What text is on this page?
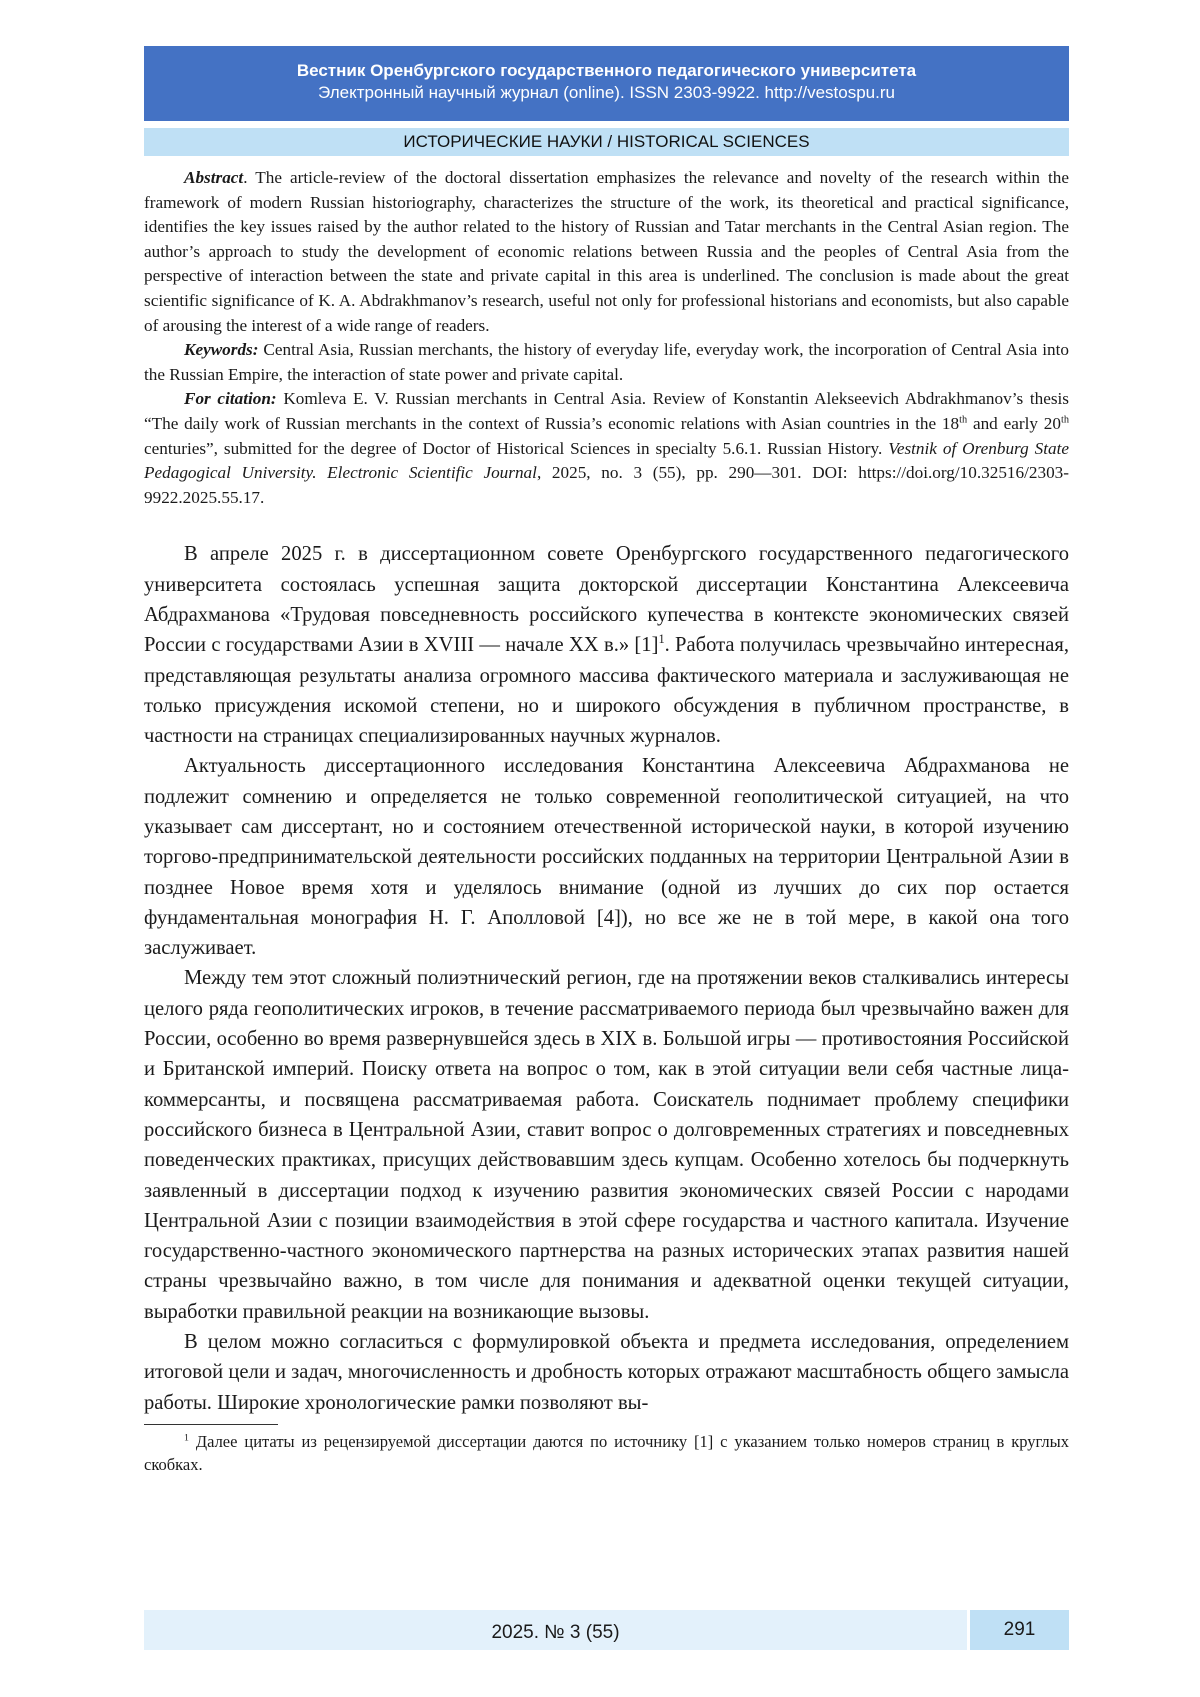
Вестник Оренбургского государственного педагогического университета
Электронный научный журнал (online). ISSN 2303-9922. http://vestospu.ru
ИСТОРИЧЕСКИЕ НАУКИ / HISTORICAL SCIENCES

Abstract. The article-review of the doctoral dissertation emphasizes the relevance and novelty of the research within the framework of modern Russian historiography, characterizes the structure of the work, its theoretical and practical significance, identifies the key issues raised by the author related to the history of Russian and Tatar merchants in the Central Asian region. The author’s approach to study the development of economic relations between Russia and the peoples of Central Asia from the perspective of interaction between the state and private capital in this area is underlined. The conclusion is made about the great scientific significance of K. A. Abdrakhmanov’s research, useful not only for professional historians and economists, but also capable of arousing the interest of a wide range of readers.

Keywords: Central Asia, Russian merchants, the history of everyday life, everyday work, the incorporation of Central Asia into the Russian Empire, the interaction of state power and private capital.

For citation: Komleva E. V. Russian merchants in Central Asia. Review of Konstantin Alekseevich Abdrakhmanov’s thesis “The daily work of Russian merchants in the context of Russia’s economic relations with Asian countries in the 18th and early 20th centuries”, submitted for the degree of Doctor of Historical Sciences in specialty 5.6.1. Russian History. Vestnik of Orenburg State Pedagogical University. Electronic Scientific Journal, 2025, no. 3 (55), pp. 290—301. DOI: https://doi.org/10.32516/2303-9922.2025.55.17.

В апреле 2025 г. в диссертационном совете Оренбургского государственного педагогического университета состоялась успешная защита докторской диссертации Константина Алексеевича Абдрахманова «Трудовая повседневность российского купечества в контексте экономических связей России с государствами Азии в XVIII — начале XX в.» $[1]^1$. Работа получилась чрезвычайно интересная, представляющая результаты анализа огромного массива фактического материала и заслуживающая не только присуждения искомой степени, но и широкого обсуждения в публичном пространстве, в частности на страницах специализированных научных журналов.

Актуальность диссертационного исследования Константина Алексеевича Абдрахманова не подлежит сомнению и определяется не только современной геополитической ситуацией, на что указывает сам диссертант, но и состоянием отечественной исторической науки, в которой изучению торгово-предпринимательской деятельности российских подданных на территории Центральной Азии в позднее Новое время хотя и уделялось внимание (одной из лучших до сих пор остается фундаментальная монография Н. Г. Аполловой [4]), но все же не в той мере, в какой она того заслуживает.

Между тем этот сложный полиэтнический регион, где на протяжении веков сталкивались интересы целого ряда геополитических игроков, в течение рассматриваемого периода был чрезвычайно важен для России, особенно во время развернувшейся здесь в XIX в. Большой игры — противостояния Российской и Британской империй. Поиску ответа на вопрос о том, как в этой ситуации вели себя частные лица-коммерсанты, и посвящена рассматриваемая работа. Соискатель поднимает проблему специфики российского бизнеса в Центральной Азии, ставит вопрос о долговременных стратегиях и повседневных поведенческих практиках, присущих действовавшим здесь купцам. Особенно хотелось бы подчеркнуть заявленный в диссертации подход к изучению развития экономических связей России с народами Центральной Азии с позиции взаимодействия в этой сфере государства и частного капитала. Изучение государственно-частного экономического партнерства на разных исторических этапах развития нашей страны чрезвычайно важно, в том числе для понимания и адекватной оценки текущей ситуации, выработки правильной реакции на возникающие вызовы.

В целом можно согласиться с формулировкой объекта и предмета исследования, определением итоговой цели и задач, многочисленность и дробность которых отражают масштабность общего замысла работы. Широкие хронологические рамки позволяют вы-

$^1$ Далее цитаты из рецензируемой диссертации даются по источнику [1] с указанием только номеров страниц в круглых скобках.
2025. № 3 (55)	291
